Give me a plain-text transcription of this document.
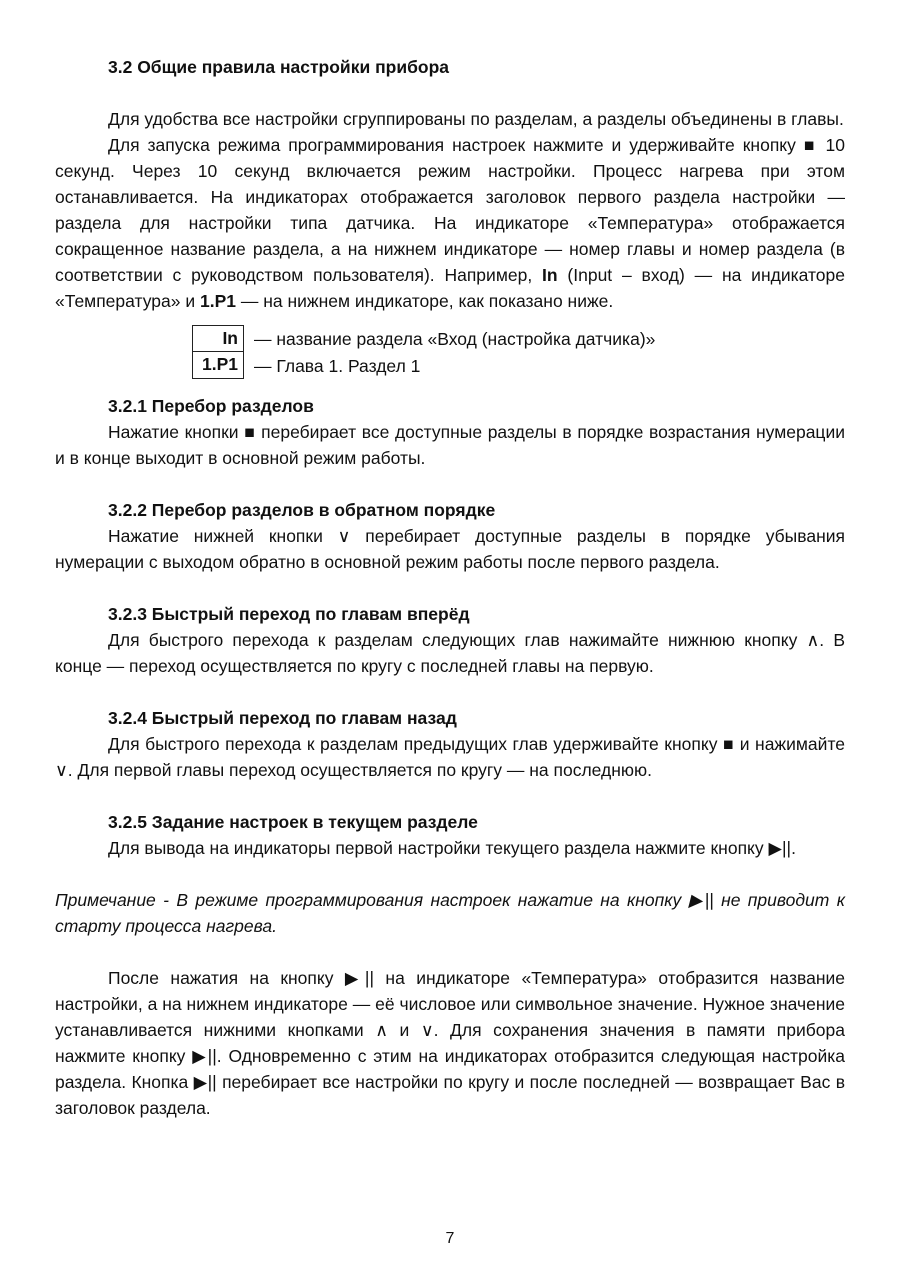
3.2 Общие правила настройки прибора

Для удобства все настройки сгруппированы по разделам, а разделы объединены в главы.

Для запуска режима программирования настроек нажмите и удерживайте кнопку ■ 10 секунд. Через 10 секунд включается режим настройки. Процесс нагрева при этом останавливается. На индикаторах отображается заголовок первого раздела настройки — раздела для настройки типа датчика. На индикаторе «Температура» отображается сокращенное название раздела, а на нижнем индикаторе — номер главы и номер раздела (в соответствии с руководством пользователя). Например, In (Input – вход) — на индикаторе «Температура» и 1.P1 — на нижнем индикаторе, как показано ниже.

In — название раздела «Вход (настройка датчика)»
1.P1 — Глава 1. Раздел 1
3.2.1 Перебор разделов

Нажатие кнопки ■ перебирает все доступные разделы в порядке возрастания нумерации и в конце выходит в основной режим работы.

3.2.2 Перебор разделов в обратном порядке

Нажатие нижней кнопки ∨ перебирает доступные разделы в порядке убывания нумерации с выходом обратно в основной режим работы после первого раздела.

3.2.3 Быстрый переход по главам вперёд

Для быстрого перехода к разделам следующих глав нажимайте нижнюю кнопку ∧. В конце — переход осуществляется по кругу с последней главы на первую.

3.2.4 Быстрый переход по главам назад

Для быстрого перехода к разделам предыдущих глав удерживайте кнопку ■ и нажимайте ∨. Для первой главы переход осуществляется по кругу — на последнюю.

3.2.5 Задание настроек в текущем разделе

Для вывода на индикаторы первой настройки текущего раздела нажмите кнопку ▶||.

Примечание - В режиме программирования настроек нажатие на кнопку ▶|| не приводит к старту процесса нагрева.

После нажатия на кнопку ▶|| на индикаторе «Температура» отобразится название настройки, а на нижнем индикаторе — её числовое или символьное значение. Нужное значение устанавливается нижними кнопками ∧ и ∨. Для сохранения значения в памяти прибора нажмите кнопку ▶||. Одновременно с этим на индикаторах отобразится следующая настройка раздела. Кнопка ▶|| перебирает все настройки по кругу и после последней — возвращает Вас в заголовок раздела.

7
